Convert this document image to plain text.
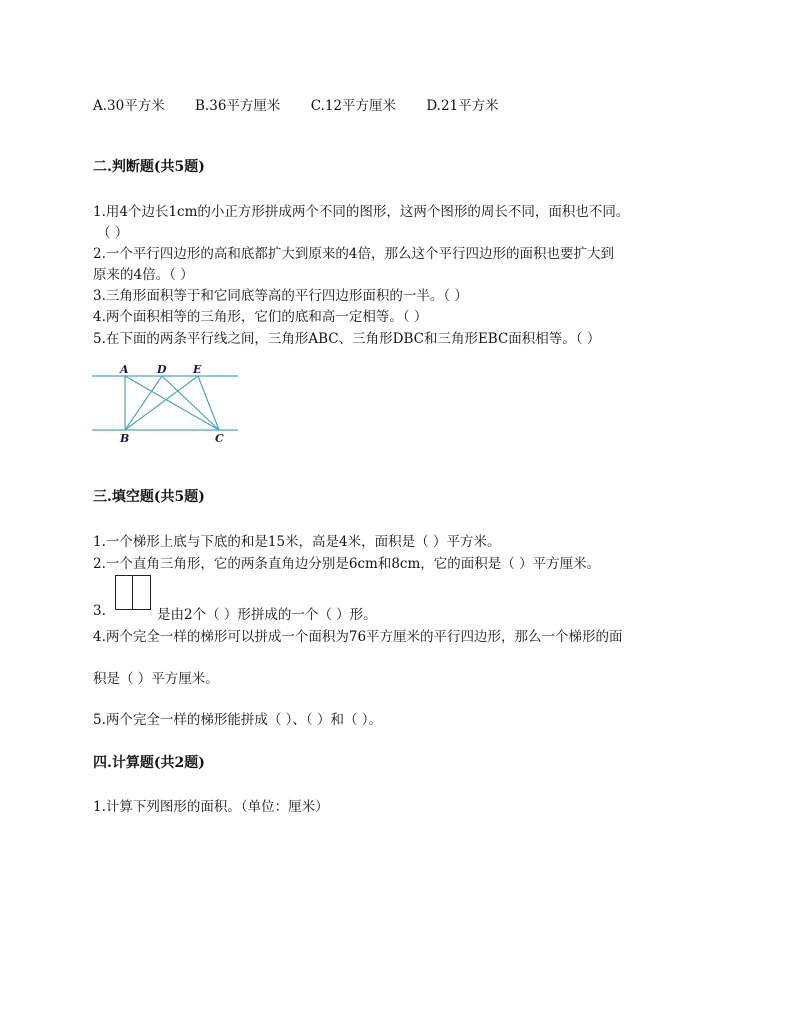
A.30平方米 B.36平方厘米 C.12平方厘米 D.21平方米
二.判断题(共5题)
1.用4个边长1cm的小正方形拼成两个不同的图形，这两个图形的周长不同，面积也不同。
（ ）
2.一个平行四边形的高和底都扩大到原来的4倍，那么这个平行四边形的面积也要扩大到
原来的4倍。（ ）
3.三角形面积等于和它同底等高的平行四边形面积的一半。（ ）
4.两个面积相等的三角形，它们的底和高一定相等。（ ）
5.在下面的两条平行线之间，三角形ABC、三角形DBC和三角形EBC面积相等。（ ）
A	D E
B	C
三.填空题(共5题)
1.一个梯形上底与下底的和是15米，高是4米，面积是（ ）平方米。
2.一个直角三角形，它的两条直角边分别是6cm和8cm，它的面积是（ ）平方厘米。
3.	是由2个（ ）形拼成的一个（ ）形。
4.两个完全一样的梯形可以拼成一个面积为76平方厘米的平行四边形，那么一个梯形的面
积是（ ）平方厘米。
5.两个完全一样的梯形能拼成（ ）、（ ）和（ ）。
四.计算题(共2题)
1.计算下列图形的面积。（单位：厘米）
